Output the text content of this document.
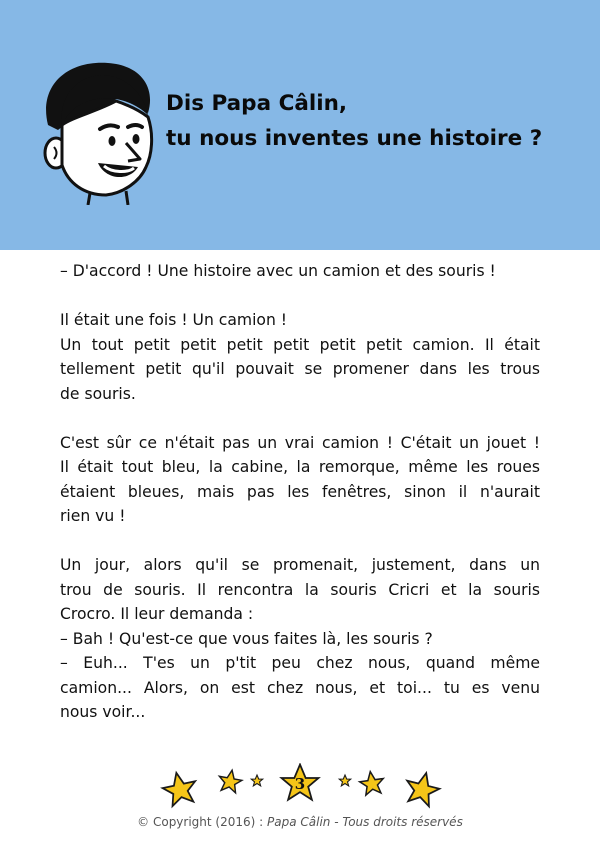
Dis Papa Câlin,
tu nous inventes une histoire ?
– D'accord ! Une histoire avec un camion et des souris !
Il était une fois ! Un camion !
Un tout petit petit petit petit petit petit camion. Il était
tellement petit qu'il pouvait se promener dans les trous
de souris.
C'est sûr ce n'était pas un vrai camion ! C'était un jouet !
Il était tout bleu, la cabine, la remorque, même les roues
étaient bleues, mais pas les fenêtres, sinon il n'aurait
rien vu !
Un jour, alors qu'il se promenait, justement, dans un
trou de souris. Il rencontra la souris Cricri et la souris
Crocro. Il leur demanda :
– Bah ! Qu'est-ce que vous faites là, les souris ?
– Euh... T'es un p'tit peu chez nous, quand même
camion... Alors, on est chez nous, et toi... tu es venu
nous voir...
3
© Copyright (2016) : Papa Câlin - Tous droits réservés
